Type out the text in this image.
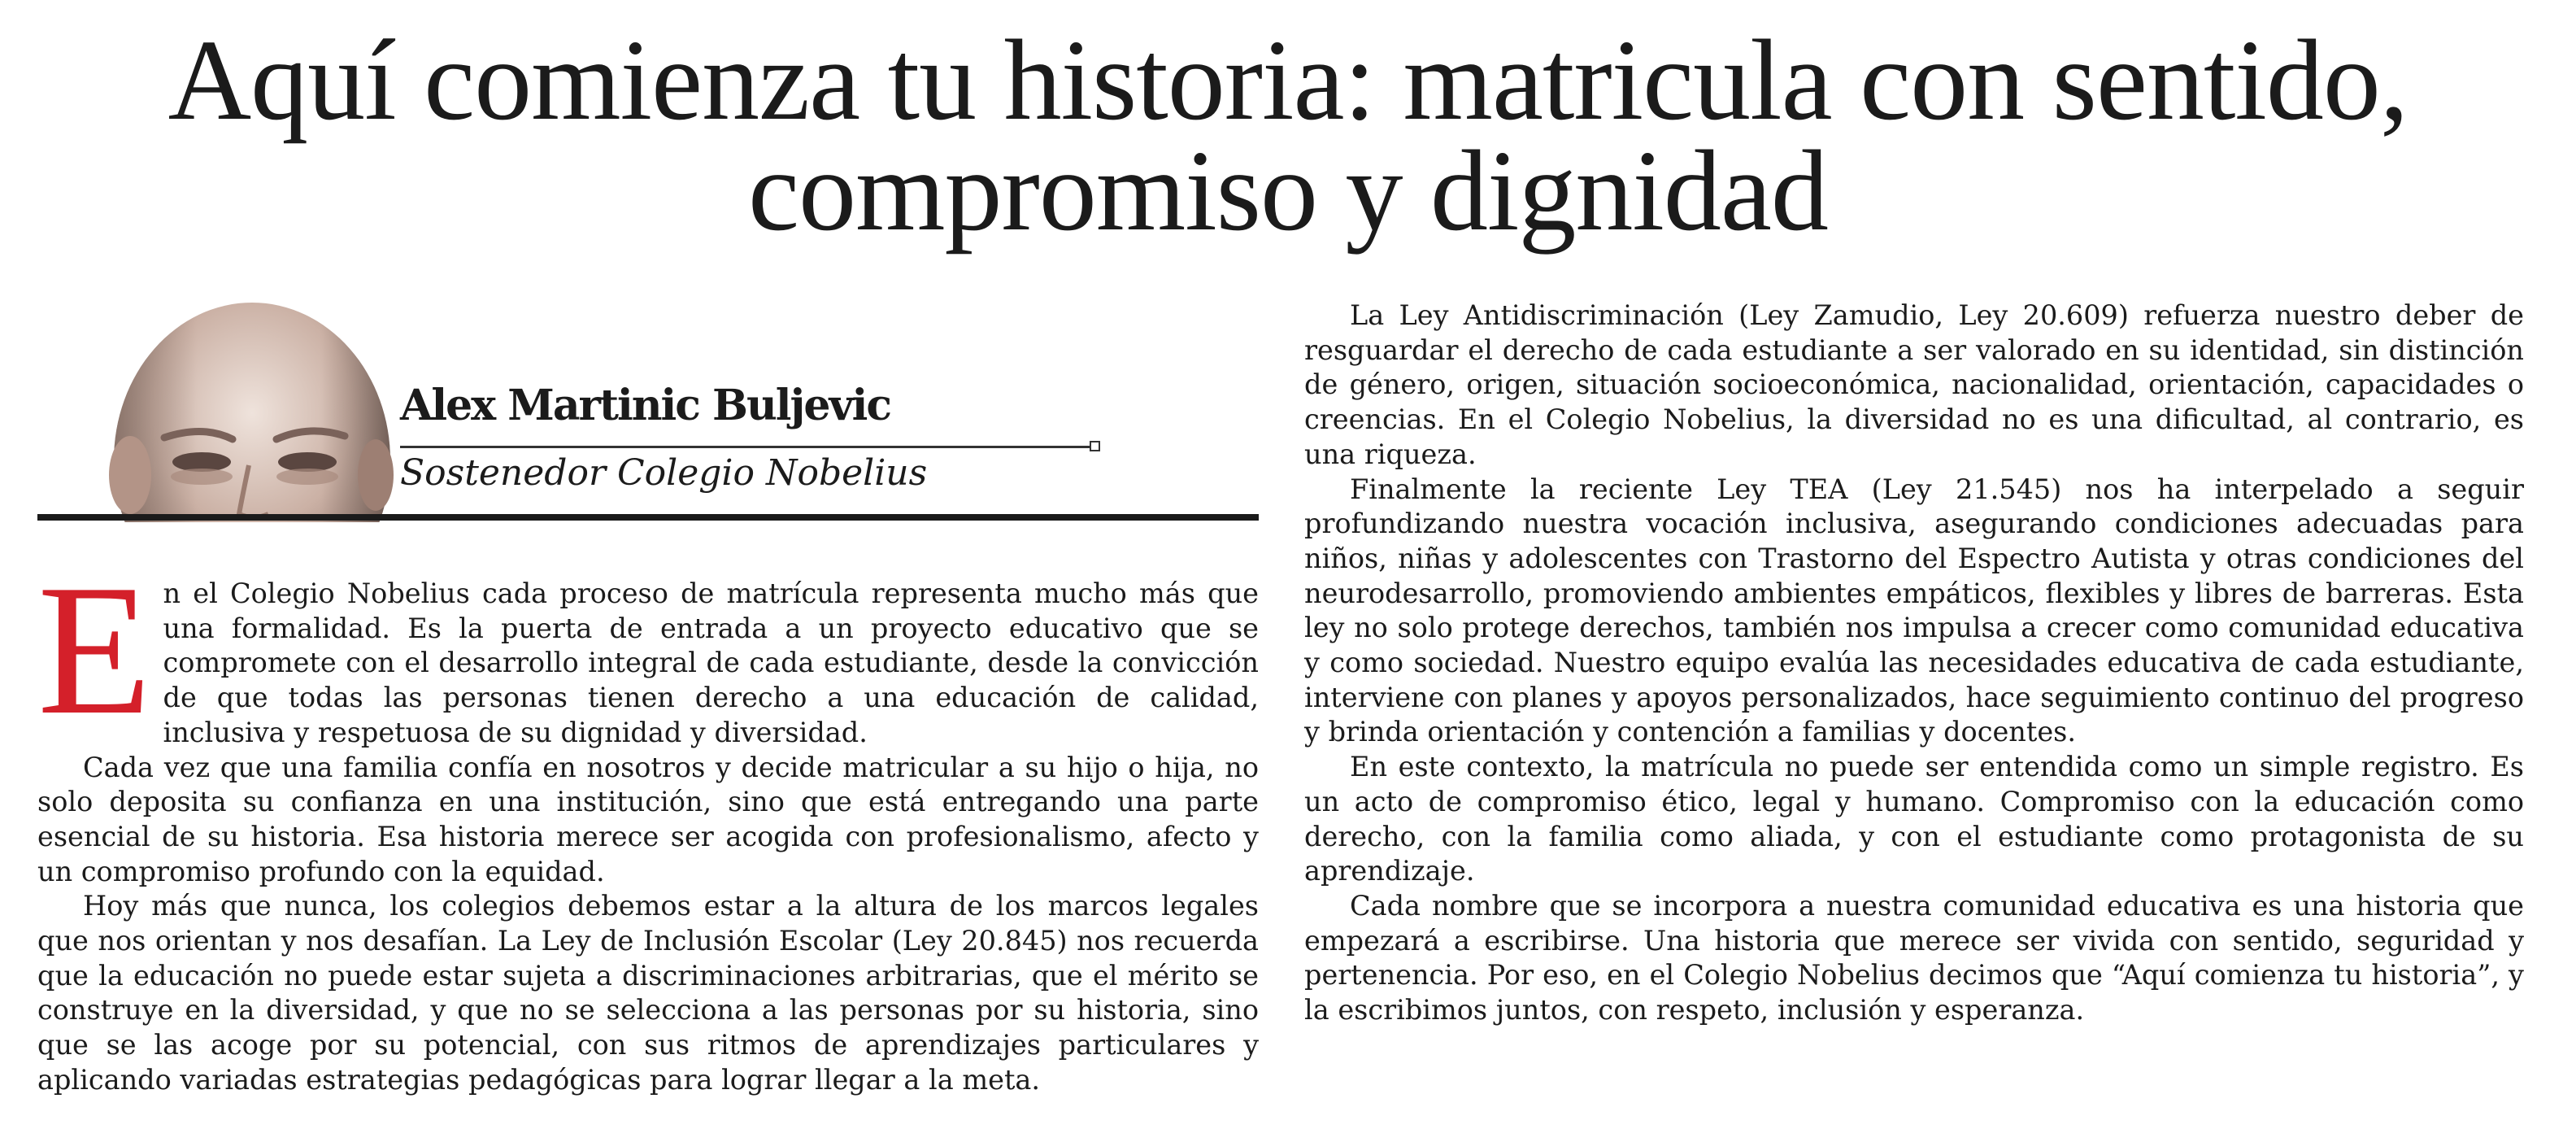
Aquí comienza tu historia: matricula con sentido,
compromiso y dignidad
Alex Martinic Buljevic
Sostenedor Colegio Nobelius

En el Colegio Nobelius cada proceso de matrícula representa mucho más que una formalidad. Es la puerta de entrada a un proyecto educativo que se compromete con el desarrollo integral de cada estudiante, desde la convicción de que todas las personas tienen derecho a una educación de calidad, inclusiva y respetuosa de su dignidad y diversidad.

Cada vez que una familia confía en nosotros y decide matricular a su hijo o hija, no solo deposita su confianza en una institución, sino que está entregando una parte esencial de su historia. Esa historia merece ser acogida con profesionalismo, afecto y un compromiso profundo con la equidad.

Hoy más que nunca, los colegios debemos estar a la altura de los marcos legales que nos orientan y nos desafían. La Ley de Inclusión Escolar (Ley 20.845) nos recuerda que la educación no puede estar sujeta a discriminaciones arbitrarias, que el mérito se construye en la diversidad, y que no se selecciona a las personas por su historia, sino que se las acoge por su potencial, con sus ritmos de aprendizajes particulares y aplicando variadas estrategias pedagógicas para lograr llegar a la meta.

La Ley Antidiscriminación (Ley Zamudio, Ley 20.609) refuerza nuestro deber de resguardar el derecho de cada estudiante a ser valorado en su identidad, sin distinción de género, origen, situación socioeconómica, nacionalidad, orientación, capacidades o creencias. En el Colegio Nobelius, la diversidad no es una dificultad, al contrario, es una riqueza.

Finalmente la reciente Ley TEA (Ley 21.545) nos ha interpelado a seguir profundizando nuestra vocación inclusiva, asegurando condiciones adecuadas para niños, niñas y adolescentes con Trastorno del Espectro Autista y otras condiciones del neurodesarrollo, promoviendo ambientes empáticos, flexibles y libres de barreras. Esta ley no solo protege derechos, también nos impulsa a crecer como comunidad educativa y como sociedad. Nuestro equipo evalúa las necesidades educativa de cada estudiante, interviene con planes y apoyos personalizados, hace seguimiento continuo del progreso y brinda orientación y contención a familias y docentes.

En este contexto, la matrícula no puede ser entendida como un simple registro. Es un acto de compromiso ético, legal y humano. Compromiso con la educación como derecho, con la familia como aliada, y con el estudiante como protagonista de su aprendizaje.

Cada nombre que se incorpora a nuestra comunidad educativa es una historia que empezará a escribirse. Una historia que merece ser vivida con sentido, seguridad y pertenencia. Por eso, en el Colegio Nobelius decimos que “Aquí comienza tu historia”, y la escribimos juntos, con respeto, inclusión y esperanza.
